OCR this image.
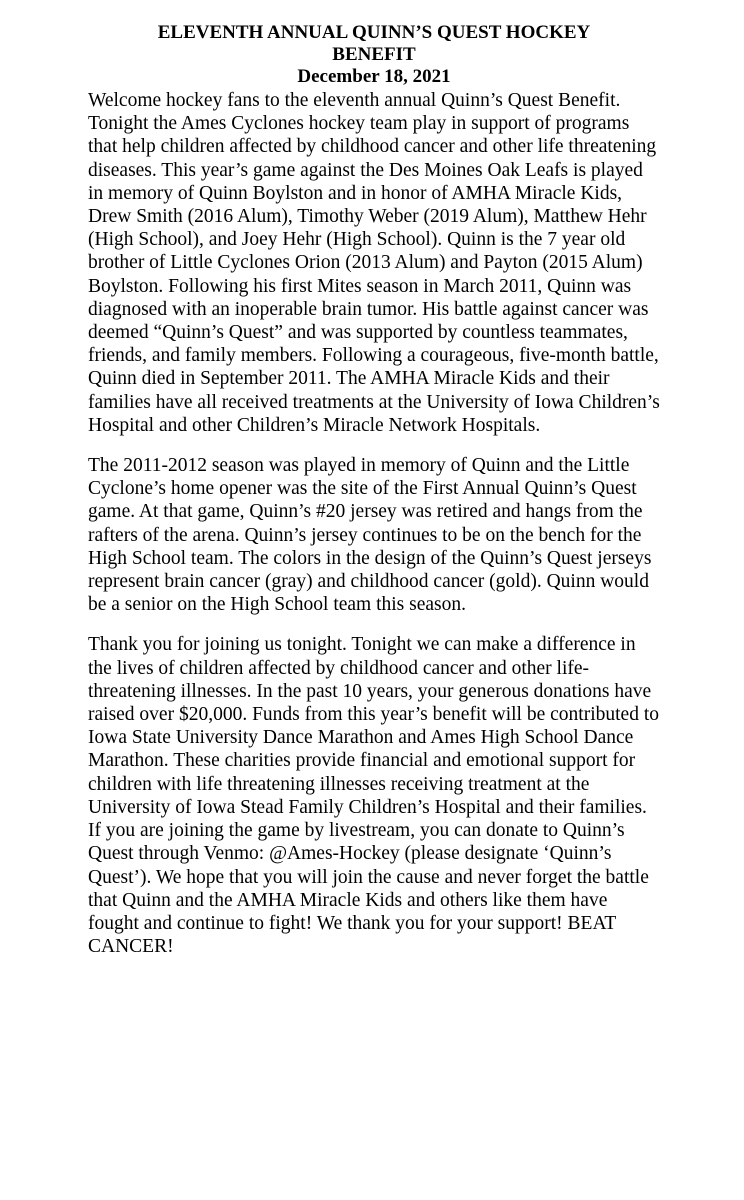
ELEVENTH ANNUAL QUINN’S QUEST HOCKEY
BENEFIT
December 18, 2021

Welcome hockey fans to the eleventh annual Quinn’s Quest Benefit. Tonight the Ames Cyclones hockey team play in support of programs that help children affected by childhood cancer and other life threatening diseases. This year’s game against the Des Moines Oak Leafs is played in memory of Quinn Boylston and in honor of AMHA Miracle Kids, Drew Smith (2016 Alum), Timothy Weber (2019 Alum), Matthew Hehr (High School), and Joey Hehr (High School). Quinn is the 7 year old brother of Little Cyclones Orion (2013 Alum) and Payton (2015 Alum) Boylston. Following his first Mites season in March 2011, Quinn was diagnosed with an inoperable brain tumor. His battle against cancer was deemed “Quinn’s Quest” and was supported by countless teammates, friends, and family members. Following a courageous, five-month battle, Quinn died in September 2011. The AMHA Miracle Kids and their families have all received treatments at the University of Iowa Children’s Hospital and other Children’s Miracle Network Hospitals.

The 2011-2012 season was played in memory of Quinn and the Little Cyclone’s home opener was the site of the First Annual Quinn’s Quest game. At that game, Quinn’s #20 jersey was retired and hangs from the rafters of the arena. Quinn’s jersey continues to be on the bench for the High School team. The colors in the design of the Quinn’s Quest jerseys represent brain cancer (gray) and childhood cancer (gold). Quinn would be a senior on the High School team this season.

Thank you for joining us tonight. Tonight we can make a difference in the lives of children affected by childhood cancer and other life-threatening illnesses. In the past 10 years, your generous donations have raised over $20,000. Funds from this year’s benefit will be contributed to Iowa State University Dance Marathon and Ames High School Dance Marathon. These charities provide financial and emotional support for children with life threatening illnesses receiving treatment at the University of Iowa Stead Family Children’s Hospital and their families. If you are joining the game by livestream, you can donate to Quinn’s Quest through Venmo: @Ames-Hockey (please designate ‘Quinn’s Quest’). We hope that you will join the cause and never forget the battle that Quinn and the AMHA Miracle Kids and others like them have fought and continue to fight! We thank you for your support! BEAT CANCER!
